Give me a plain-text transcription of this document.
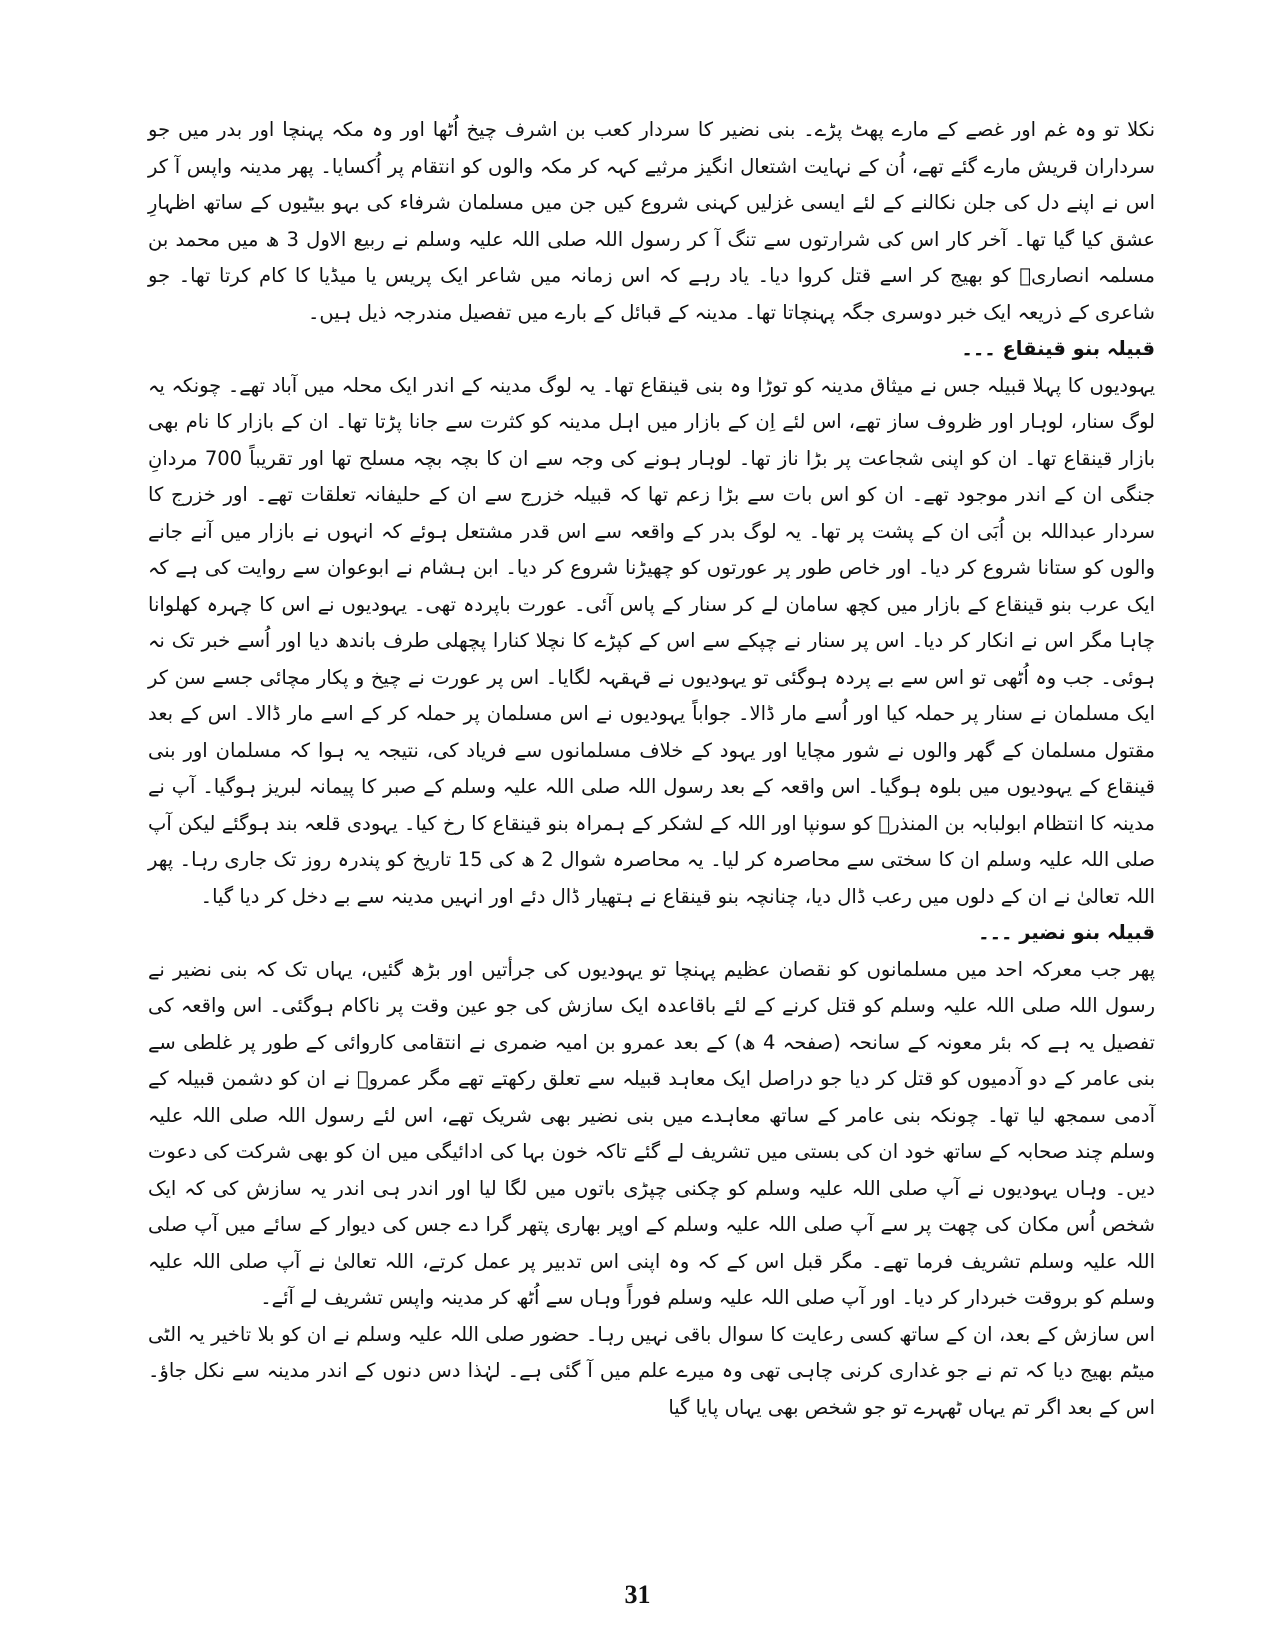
نکلا تو وہ غم اور غصے کے مارے پھٹ پڑے۔ بنی نضیر کا سردار کعب بن اشرف چیخ اُٹھا اور وہ مکہ پہنچا اور بدر میں جو سرداران قریش مارے گئے تھے، اُن کے نہایت اشتعال انگیز مرثیے کہہ کر مکہ والوں کو انتقام پر اُکسایا۔ پھر مدینہ واپس آ کر اس نے اپنے دل کی جلن نکالنے کے لئے ایسی غزلیں کہنی شروع کیں جن میں مسلمان شرفاء کی بہو بیٹیوں کے ساتھ اظہارِ عشق کیا گیا تھا۔ آخر کار اس کی شرارتوں سے تنگ آ کر رسول اللہ صلی اللہ علیہ وسلم نے ربیع الاول 3 ھ میں محمد بن مسلمہ انصاریؓ کو بھیج کر اسے قتل کروا دیا۔ یاد رہے کہ اس زمانہ میں شاعر ایک پریس یا میڈیا کا کام کرتا تھا۔ جو شاعری کے ذریعہ ایک خبر دوسری جگہ پہنچاتا تھا۔ مدینہ کے قبائل کے بارے میں تفصیل مندرجہ ذیل ہیں۔

قبیلہ بنو قینقاع ۔۔۔

یہودیوں کا پہلا قبیلہ جس نے میثاق مدینہ کو توڑا وہ بنی قینقاع تھا۔ یہ لوگ مدینہ کے اندر ایک محلہ میں آباد تھے۔ چونکہ یہ لوگ سنار، لوہار اور ظروف ساز تھے، اس لئے اِن کے بازار میں اہل مدینہ کو کثرت سے جانا پڑتا تھا۔ ان کے بازار کا نام بھی بازار قینقاع تھا۔ ان کو اپنی شجاعت پر بڑا ناز تھا۔ لوہار ہونے کی وجہ سے ان کا بچہ بچہ مسلح تھا اور تقریباً 700 مردانِ جنگی ان کے اندر موجود تھے۔ ان کو اس بات سے بڑا زعم تھا کہ قبیلہ خزرج سے ان کے حلیفانہ تعلقات تھے۔ اور خزرج کا سردار عبداللہ بن اُبَی ان کے پشت پر تھا۔ یہ لوگ بدر کے واقعہ سے اس قدر مشتعل ہوئے کہ انہوں نے بازار میں آنے جانے والوں کو ستانا شروع کر دیا۔ اور خاص طور پر عورتوں کو چھیڑنا شروع کر دیا۔ ابن ہشام نے ابوعوان سے روایت کی ہے کہ ایک عرب بنو قینقاع کے بازار میں کچھ سامان لے کر سنار کے پاس آئی۔ عورت باپردہ تھی۔ یہودیوں نے اس کا چہرہ کھلوانا چاہا مگر اس نے انکار کر دیا۔ اس پر سنار نے چپکے سے اس کے کپڑے کا نچلا کنارا پچھلی طرف باندھ دیا اور اُسے خبر تک نہ ہوئی۔ جب وہ اُٹھی تو اس سے بے پردہ ہوگئی تو یہودیوں نے قہقہہ لگایا۔ اس پر عورت نے چیخ و پکار مچائی جسے سن کر ایک مسلمان نے سنار پر حملہ کیا اور اُسے مار ڈالا۔ جواباً یہودیوں نے اس مسلمان پر حملہ کر کے اسے مار ڈالا۔ اس کے بعد مقتول مسلمان کے گھر والوں نے شور مچایا اور یہود کے خلاف مسلمانوں سے فریاد کی، نتیجہ یہ ہوا کہ مسلمان اور بنی قینقاع کے یہودیوں میں بلوہ ہوگیا۔ اس واقعہ کے بعد رسول اللہ صلی اللہ علیہ وسلم کے صبر کا پیمانہ لبریز ہوگیا۔ آپ نے مدینہ کا انتظام ابولبابہ بن المنذرؓ کو سونپا اور اللہ کے لشکر کے ہمراہ بنو قینقاع کا رخ کیا۔ یہودی قلعہ بند ہوگئے لیکن آپ صلی اللہ علیہ وسلم ان کا سختی سے محاصرہ کر لیا۔ یہ محاصرہ شوال 2 ھ کی 15 تاریخ کو پندرہ روز تک جاری رہا۔ پھر اللہ تعالیٰ نے ان کے دلوں میں رعب ڈال دیا، چنانچہ بنو قینقاع نے ہتھیار ڈال دئے اور انہیں مدینہ سے بے دخل کر دیا گیا۔

قبیلہ بنو نضیر ۔۔۔

پھر جب معرکہ احد میں مسلمانوں کو نقصان عظیم پہنچا تو یہودیوں کی جرأتیں اور بڑھ گئیں، یہاں تک کہ بنی نضیر نے رسول اللہ صلی اللہ علیہ وسلم کو قتل کرنے کے لئے باقاعدہ ایک سازش کی جو عین وقت پر ناکام ہوگئی۔ اس واقعہ کی تفصیل یہ ہے کہ بئر معونہ کے سانحہ (صفحہ 4 ھ) کے بعد عمرو بن امیہ ضمری نے انتقامی کاروائی کے طور پر غلطی سے بنی عامر کے دو آدمیوں کو قتل کر دیا جو دراصل ایک معاہد قبیلہ سے تعلق رکھتے تھے مگر عمروؓ نے ان کو دشمن قبیلہ کے آدمی سمجھ لیا تھا۔ چونکہ بنی عامر کے ساتھ معاہدے میں بنی نضیر بھی شریک تھے، اس لئے رسول اللہ صلی اللہ علیہ وسلم چند صحابہ کے ساتھ خود ان کی بستی میں تشریف لے گئے تاکہ خون بہا کی ادائیگی میں ان کو بھی شرکت کی دعوت دیں۔ وہاں یہودیوں نے آپ صلی اللہ علیہ وسلم کو چکنی چپڑی باتوں میں لگا لیا اور اندر ہی اندر یہ سازش کی کہ ایک شخص اُس مکان کی چھت پر سے آپ صلی اللہ علیہ وسلم کے اوپر بھاری پتھر گرا دے جس کی دیوار کے سائے میں آپ صلی اللہ علیہ وسلم تشریف فرما تھے۔ مگر قبل اس کے کہ وہ اپنی اس تدبیر پر عمل کرتے، اللہ تعالیٰ نے آپ صلی اللہ علیہ وسلم کو بروقت خبردار کر دیا۔ اور آپ صلی اللہ علیہ وسلم فوراً وہاں سے اُٹھ کر مدینہ واپس تشریف لے آئے۔

اس سازش کے بعد، ان کے ساتھ کسی رعایت کا سوال باقی نہیں رہا۔ حضور صلی اللہ علیہ وسلم نے ان کو بلا تاخیر یہ الٹی میٹم بھیج دیا کہ تم نے جو غداری کرنی چاہی تھی وہ میرے علم میں آ گئی ہے۔ لہٰذا دس دنوں کے اندر مدینہ سے نکل جاؤ۔ اس کے بعد اگر تم یہاں ٹھہرے تو جو شخص بھی یہاں پایا گیا

31
